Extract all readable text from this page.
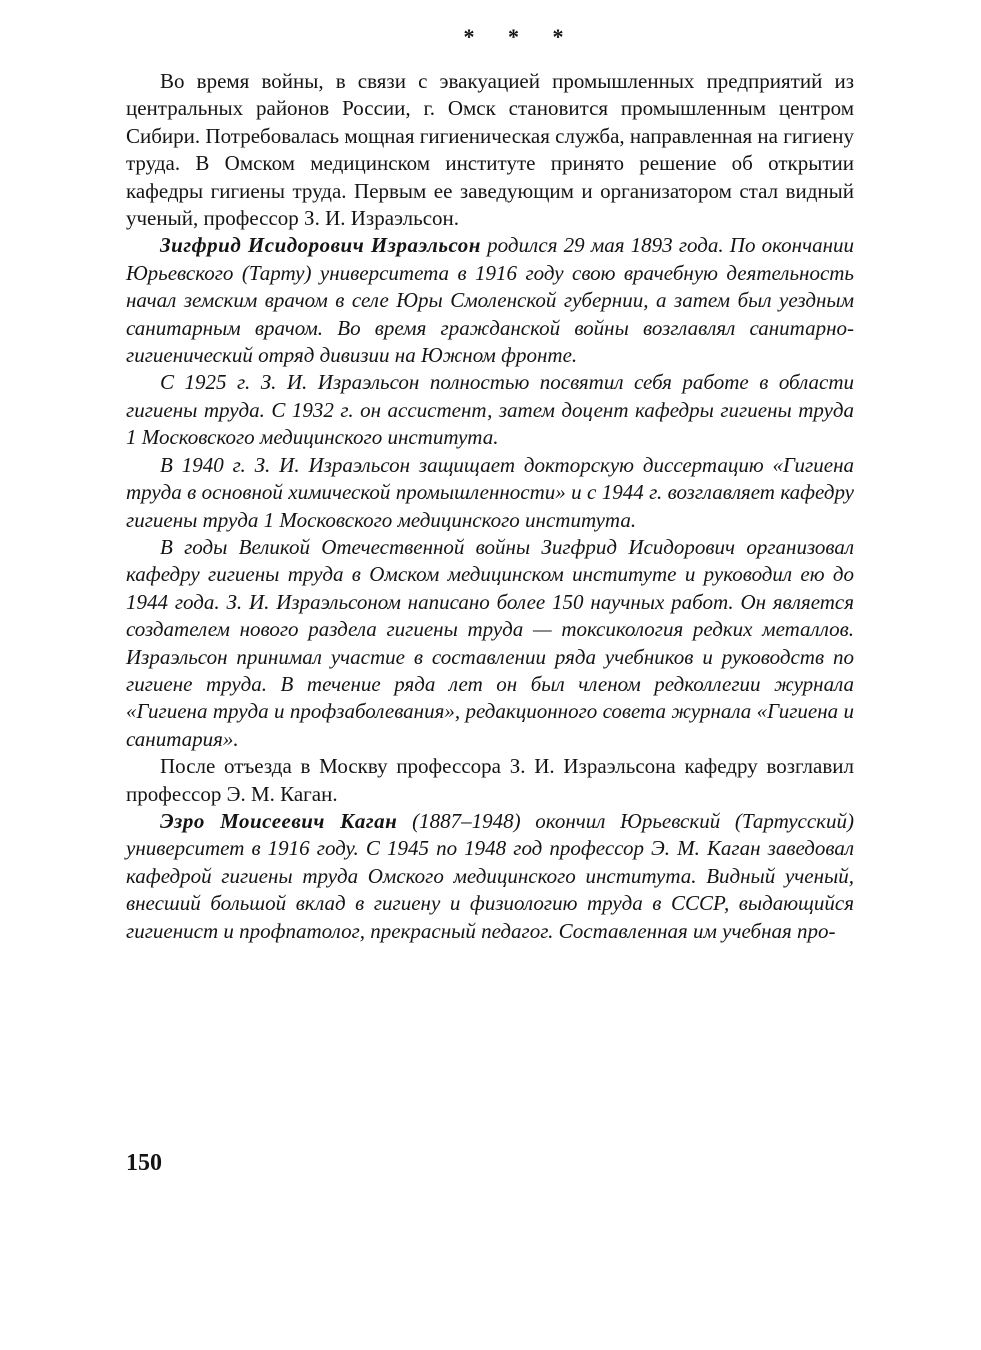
* * *

Во время войны, в связи с эвакуацией промышленных предприятий из центральных районов России, г. Омск становится промышленным центром Сибири. Потребовалась мощная гигиеническая служба, направленная на гигиену труда. В Омском медицинском институте принято решение об открытии кафедры гигиены труда. Первым ее заведующим и организатором стал видный ученый, профессор З. И. Израэльсон.

Зигфрид Исидорович Израэльсон родился 29 мая 1893 года. По окончании Юрьевского (Тарту) университета в 1916 году свою врачебную деятельность начал земским врачом в селе Юры Смоленской губернии, а затем был уездным санитарным врачом. Во время гражданской войны возглавлял санитарно-гигиенический отряд дивизии на Южном фронте.

С 1925 г. З. И. Израэльсон полностью посвятил себя работе в области гигиены труда. С 1932 г. он ассистент, затем доцент кафедры гигиены труда 1 Московского медицинского института.

В 1940 г. З. И. Израэльсон защищает докторскую диссертацию «Гигиена труда в основной химической промышленности» и с 1944 г. возглавляет кафедру гигиены труда 1 Московского медицинского института.

В годы Великой Отечественной войны Зигфрид Исидорович организовал кафедру гигиены труда в Омском медицинском институте и руководил ею до 1944 года. З. И. Израэльсоном написано более 150 научных работ. Он является создателем нового раздела гигиены труда — токсикология редких металлов. Израэльсон принимал участие в составлении ряда учебников и руководств по гигиене труда. В течение ряда лет он был членом редколлегии журнала «Гигиена труда и профзаболевания», редакционного совета журнала «Гигиена и санитария».

После отъезда в Москву профессора З. И. Израэльсона кафедру возглавил профессор Э. М. Каган.

Эзро Моисеевич Каган (1887–1948) окончил Юрьевский (Тартусский) университет в 1916 году. С 1945 по 1948 год профессор Э. М. Каган заведовал кафедрой гигиены труда Омского медицинского института. Видный ученый, внесший большой вклад в гигиену и физиологию труда в СССР, выдающийся гигиенист и профпатолог, прекрасный педагог. Составленная им учебная про-

150
